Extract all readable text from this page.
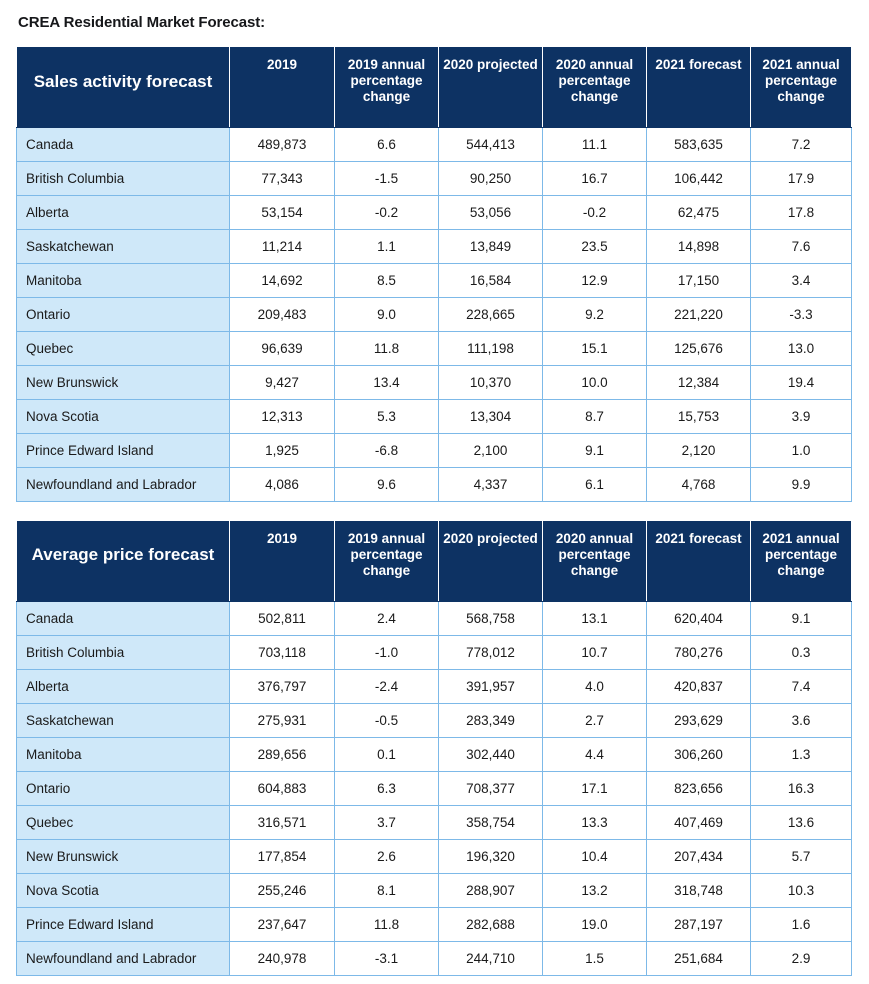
CREA Residential Market Forecast:
Sales activity forecast	2019	2019 annual percentage change	2020 projected	2020 annual percentage change	2021 forecast	2021 annual percentage change
Canada	489,873	6.6	544,413	11.1	583,635	7.2
British Columbia	77,343	-1.5	90,250	16.7	106,442	17.9
Alberta	53,154	-0.2	53,056	-0.2	62,475	17.8
Saskatchewan	11,214	1.1	13,849	23.5	14,898	7.6
Manitoba	14,692	8.5	16,584	12.9	17,150	3.4
Ontario	209,483	9.0	228,665	9.2	221,220	-3.3
Quebec	96,639	11.8	111,198	15.1	125,676	13.0
New Brunswick	9,427	13.4	10,370	10.0	12,384	19.4
Nova Scotia	12,313	5.3	13,304	8.7	15,753	3.9
Prince Edward Island	1,925	-6.8	2,100	9.1	2,120	1.0
Newfoundland and Labrador	4,086	9.6	4,337	6.1	4,768	9.9
Average price forecast	2019	2019 annual percentage change	2020 projected	2020 annual percentage change	2021 forecast	2021 annual percentage change
Canada	502,811	2.4	568,758	13.1	620,404	9.1
British Columbia	703,118	-1.0	778,012	10.7	780,276	0.3
Alberta	376,797	-2.4	391,957	4.0	420,837	7.4
Saskatchewan	275,931	-0.5	283,349	2.7	293,629	3.6
Manitoba	289,656	0.1	302,440	4.4	306,260	1.3
Ontario	604,883	6.3	708,377	17.1	823,656	16.3
Quebec	316,571	3.7	358,754	13.3	407,469	13.6
New Brunswick	177,854	2.6	196,320	10.4	207,434	5.7
Nova Scotia	255,246	8.1	288,907	13.2	318,748	10.3
Prince Edward Island	237,647	11.8	282,688	19.0	287,197	1.6
Newfoundland and Labrador	240,978	-3.1	244,710	1.5	251,684	2.9
